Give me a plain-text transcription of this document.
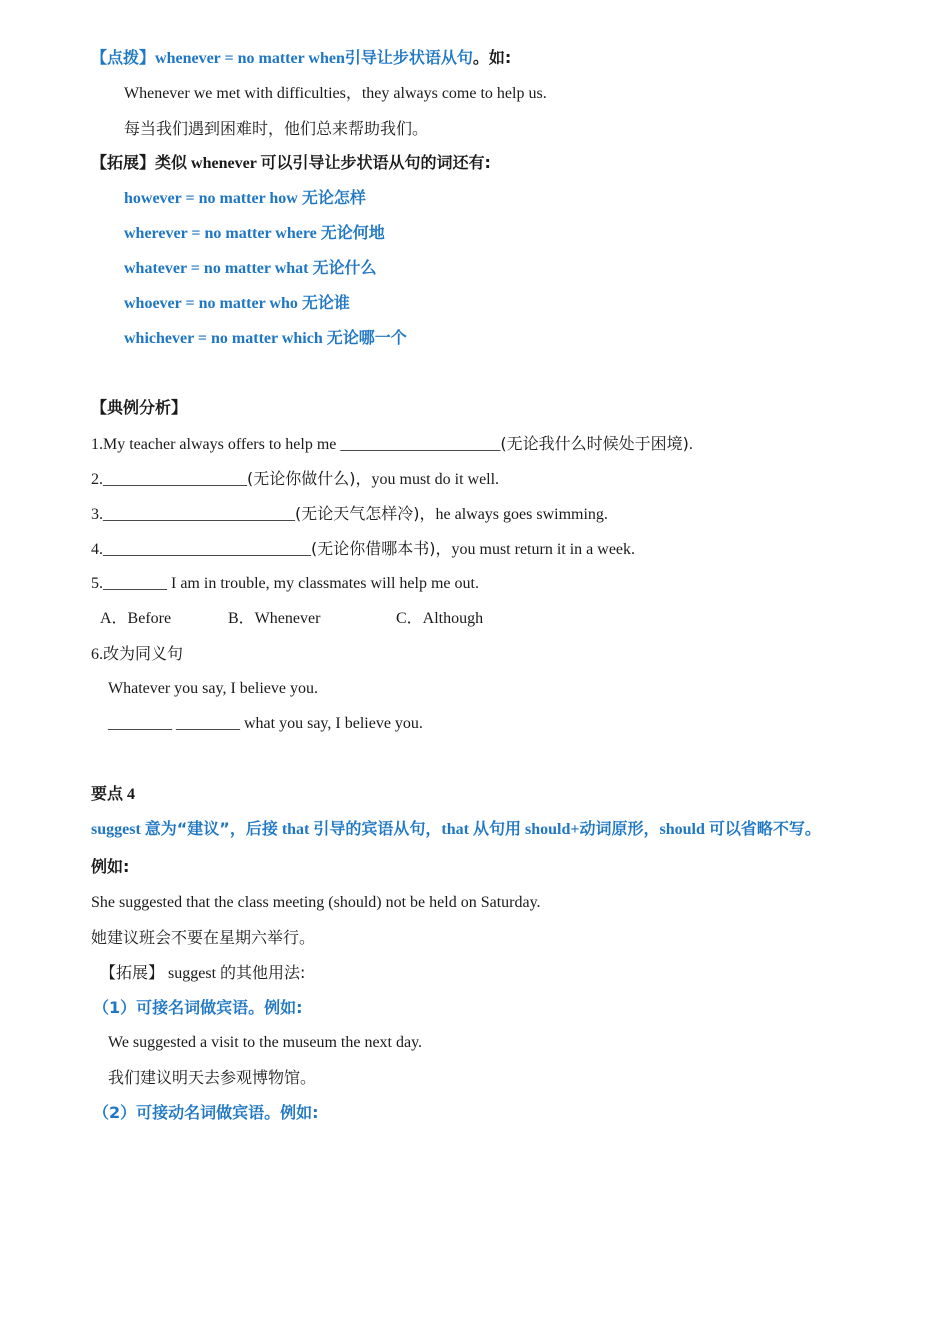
【点拨】whenever = no matter when引导让步状语从句。如:
Whenever we met with difficulties，they always come to help us.
每当我们遇到困难时，他们总来帮助我们。
【拓展】类似 whenever 可以引导让步状语从句的词还有:
however = no matter how 无论怎样
wherever = no matter where 无论何地
whatever = no matter what 无论什么
whoever = no matter who 无论谁
whichever = no matter which 无论哪一个
【典例分析】
1.My teacher always offers to help me ____________________(无论我什么时候处于困境).
2.__________________(无论你做什么)，you must do it well.
3.________________________(无论天气怎样冷)，he always goes swimming.
4.__________________________(无论你借哪本书)，you must return it in a week.
5.________ I am in trouble, my classmates will help me out.
A．Before	B．Whenever	C．Although
6.改为同义句
Whatever you say, I believe you.
________ ________ what you say, I believe you.
要点 4
suggest 意为“建议”，后接 that 引导的宾语从句，that 从句用 should+动词原形，should 可以省略不写。
例如:
She suggested that the class meeting (should) not be held on Saturday.
她建议班会不要在星期六举行。
【拓展】 suggest 的其他用法:
（1）可接名词做宾语。例如:
We suggested a visit to the museum the next day.
我们建议明天去参观博物馆。
（2）可接动名词做宾语。例如:
